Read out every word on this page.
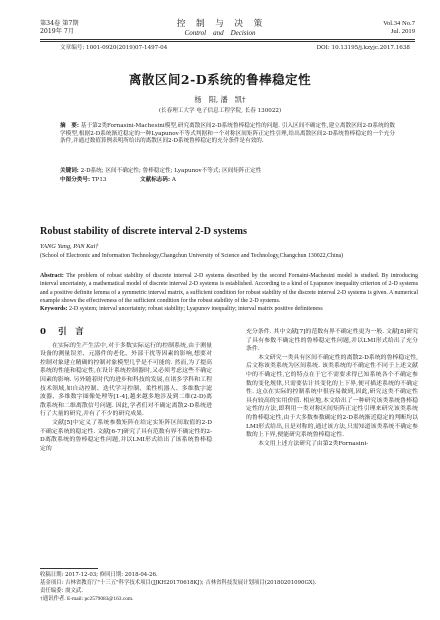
第34卷 第7期
2019年 7月
控　制　与　决　策
Control　and　Decision
Vol.34 No.7
Jul. 2019
文章编号: 1001-0920(2019)07-1497-04	DOI: 10.13195/j.kzyjc.2017.1638
离散区间2-D系统的鲁棒稳定性
杨　阳, 潘　凯†
(长春理工大学 电子信息工程学院, 长春 130022)
摘　要: 基于第2类Fornasini-Machesini模型,研究离散区间2-D系统鲁棒稳定性的问题. 引入区间不确定性,建立离散区间2-D系统的数学模型,根据2-D系统渐近稳定的一种Lyapunov不等式判据和一个对称区间矩阵正定性引理,给出离散区间2-D系统鲁棒稳定的一个充分条件,并通过数值算例表明所给出的离散区间2-D系统鲁棒稳定的充分条件是有效的.
关键词: 2-D系统; 区间不确定性; 鲁棒稳定性; Lyapunov不等式; 区间矩阵正定性
中图分类号: TP13	文献标志码: A
Robust stability of discrete interval 2-D systems
YANG Yang, PAN Kai†
(School of Electronic and Information Technology,Changchun University of Science and Technology,Changchun 130022,China)
Abstract: The problem of robust stability of discrete interval 2-D systems described by the second Fornaini-Machesini model is studied. By introducing interval uncertainty, a mathematical model of discrete interval 2-D systems is established. According to a kind of Lyapunov inequality criterion of 2-D systems and a positive definite lemma of a symmetric interval matrix, a sufficient condition for robust stability of the discrete interval 2-D systems is given. A numerical example shows the effectiveness of the sufficient condition for the robust stability of the 2-D systems.
Keywords: 2-D system; interval uncertainty; robust stability; Lyapunov inequality; interval matrix positive definiteness
0 引　言

在实际的生产生活中,对于多数实际运行的控制系统,由于测量设备的测量误差、元器件的老化、外部干扰等因素的影响,想要对控制对象建立精确的控制对象模型几乎是不可能的. 然而,为了提高系统的性能和稳定性,在设计系统控制器时,又必须考虑这些不确定因素的影响. 另外随着时代的进步和科技的发展,在诸多学科和工程技术领域,如自动控制、迭代学习控制、柔性机器人、多维数字滤波器、多维数字图像处理等[1-4],越来越多地涉及到二维(2-D)离散系统和二维离散信号问题. 因此,学者们对不确定离散2-D系统进行了大量的研究,并有了不少的研究成果.

文献[5]中定义了系统参数矩阵在给定实矩阵区间取值的2-D不确定系统的稳定性. 文献[6-7]研究了具有范数有界不确定性的2-D离散系统的鲁棒稳定性问题,并以LMI形式给出了该系统鲁棒稳定的

充分条件. 其中文献[7]的范数有界不确定性更为一般. 文献[8]研究了具有参数不确定性的鲁棒稳定性问题,并以LMI形式给出了充分条件.

本文研究一类具有区间不确定性的离散2-D系统的鲁棒稳定性,后文称该类系统为区间系统. 该类系统的不确定性不同于上述文献中的不确定性,它的特点在于它不需要求得已知系统各个不确定参数的变化规律,只需要估计其变化的上下界,便可描述系统的不确定性. 这点在实际的控制系统中很容易做到,因此,研究这类不确定性具有较高的实用价值. 相应地,本文给出了一种研究该类系统鲁棒稳定性的方法,即利用一类对称区间矩阵正定性引理来研究该类系统的鲁棒稳定性,由于大多数参数确定的2-D系统渐近稳定的判断均以LMI形式给出,且是对称的,通过该方法,只需知道该类系统不确定参数的上下界,便能研究系统鲁棒稳定性.

本文用上述方法研究了由第2类Fornasini-

收稿日期: 2017-12-03; 修回日期: 2018-04-26.
基金项目: 吉林省教育厅"十三五"科学技术项目(JJKH20170618KJ); 吉林省科技发展计划项目(20180201090GX).
责任编委: 虞文武.
†通讯作者. E-mail: pc2579083@163.com.
